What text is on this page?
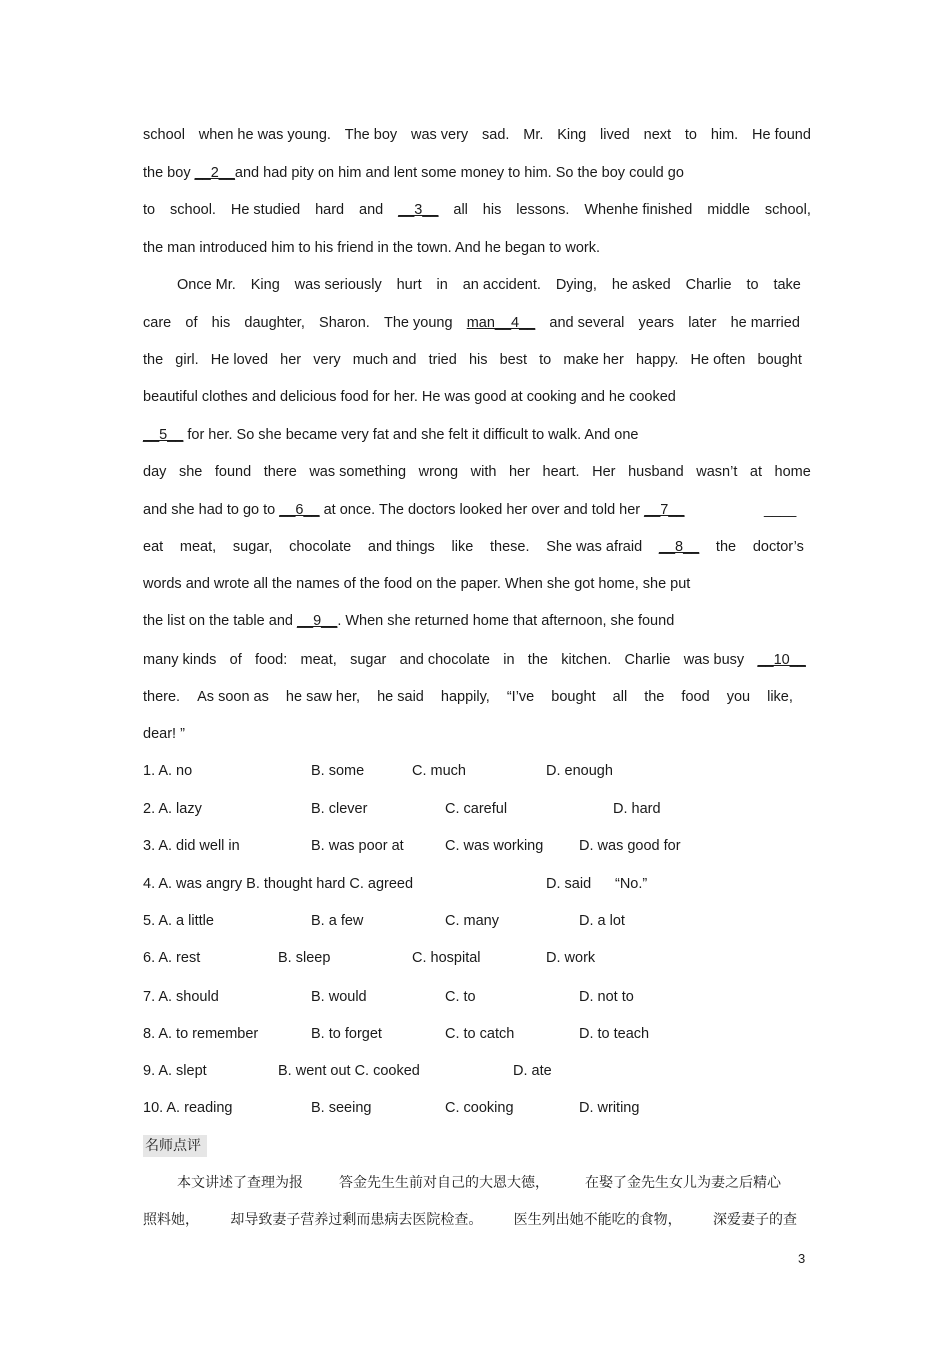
school when he was young. The boy was very sad. Mr. King lived next to him. He found
the boy __2__and had pity on him and lent some money to him. So the boy could go
to school. He studied hard and __3__ all his lessons. Whenhe finished middle school,
the man introduced him to his friend in the town. And he began to work.
Once Mr. King was seriously hurt in an accident. Dying, he asked Charlie to take
care of his daughter, Sharon. The young man__4__ and several years later he married
the girl. He loved her very much and tried his best to make her happy. He often bought
beautiful clothes and delicious food for her. He was good at cooking and he cooked
__5__ for her. So she became very fat and she felt it difficult to walk. And one
day she found there was something wrong with her heart. Her husband wasn’t at home
and she had to go to __6__ at once. The doctors looked her over and told her __7__	____
eat meat, sugar, chocolate and things like these. She was afraid __8__ the doctor’s
words and wrote all the names of the food on the paper. When she got home, she put
the list on the table and __9__. When she returned home that afternoon, she found
many kinds of food: meat, sugar and chocolate in the kitchen. Charlie was busy __10__
there. As soon as he saw her, he said happily, “I’ve bought all the food you like,
dear! ”
1. A. no	B. some	C. much	D. enough
2. A. lazy	B. clever	C. careful	D. hard
3. A. did well in	B. was poor at	C. was working D. was good for
4. A. was angry B. thought hard C. agreed	D. said “No.”
5. A. a little	B. a few	C. many	D. a lot
6. A. rest	B. sleep	C. hospital	D. work
7. A. should	B. would	C. to	D. not to
8. A. to remember	B. to forget	C. to catch	D. to teach
9. A. slept	B. went out C. cooked	D. ate
10. A. reading	B. seeing	C. cooking	D. writing
名师点评
本文讲述了查理为报	答金先生生前对自己的大恩大德，	在娶了金先生女儿为妻之后精心
照料她， 却导致妻子营养过剩而患病去医院检查。 医生列出她不能吃的食物， 深爱妻子的查
3
